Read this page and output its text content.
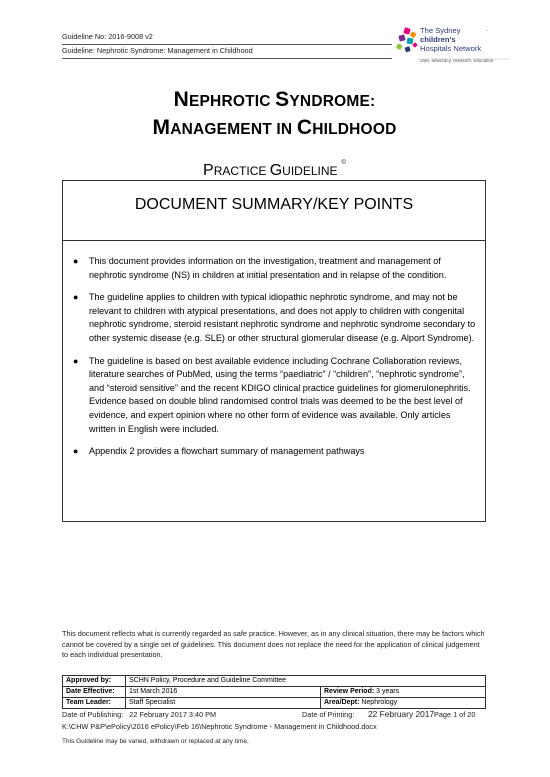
Guideline No: 2016-9008 v2
Guideline: Nephrotic Syndrome: Management in Childhood
The Sydney
children's
Hospitals Network
care, advocacy, research, education
·
NEPHROTIC SYNDROME:
MANAGEMENT IN CHILDHOOD
PRACTICE GUIDELINE©
DOCUMENT SUMMARY/KEY POINTS
● This document provides information on the investigation, treatment and management of nephrotic syndrome (NS) in children at initial presentation and in relapse of the condition.
● The guideline applies to children with typical idiopathic nephrotic syndrome, and may not be relevant to children with atypical presentations, and does not apply to children with congenital nephrotic syndrome, steroid resistant nephrotic syndrome and nephrotic syndrome secondary to other systemic disease (e.g. SLE) or other structural glomerular disease (e.g. Alport Syndrome).
● The guideline is based on best available evidence including Cochrane Collaboration reviews, literature searches of PubMed, using the terms “paediatric” / “children”, “nephrotic syndrome”, and “steroid sensitive” and the recent KDIGO clinical practice guidelines for glomerulonephritis. Evidence based on double blind randomised control trials was deemed to be the best level of evidence, and expert opinion where no other form of evidence was available. Only articles written in English were included.
● Appendix 2 provides a flowchart summary of management pathways
This document reflects what is currently regarded as safe practice. However, as in any clinical situation, there may be factors which cannot be covered by a single set of guidelines. This document does not replace the need for the application of clinical judgement to each individual presentation.
Approved by:	SCHN Policy, Procedure and Guideline Committee	
Date Effective:	1st March 2016	Review Period: 3 years
Team Leader:	Staff Specialist	Area/Dept: Nephrology
Date of Publishing: 22 February 2017 3:40 PM	Date of Printing: 22 February 2017 Page 1 of 20
K:\CHW P&P\ePolicy\2016 ePolicy\Feb 16\Nephrotic Syndrome - Management in Childhood.docx
This Guideline may be varied, withdrawn or replaced at any time.
